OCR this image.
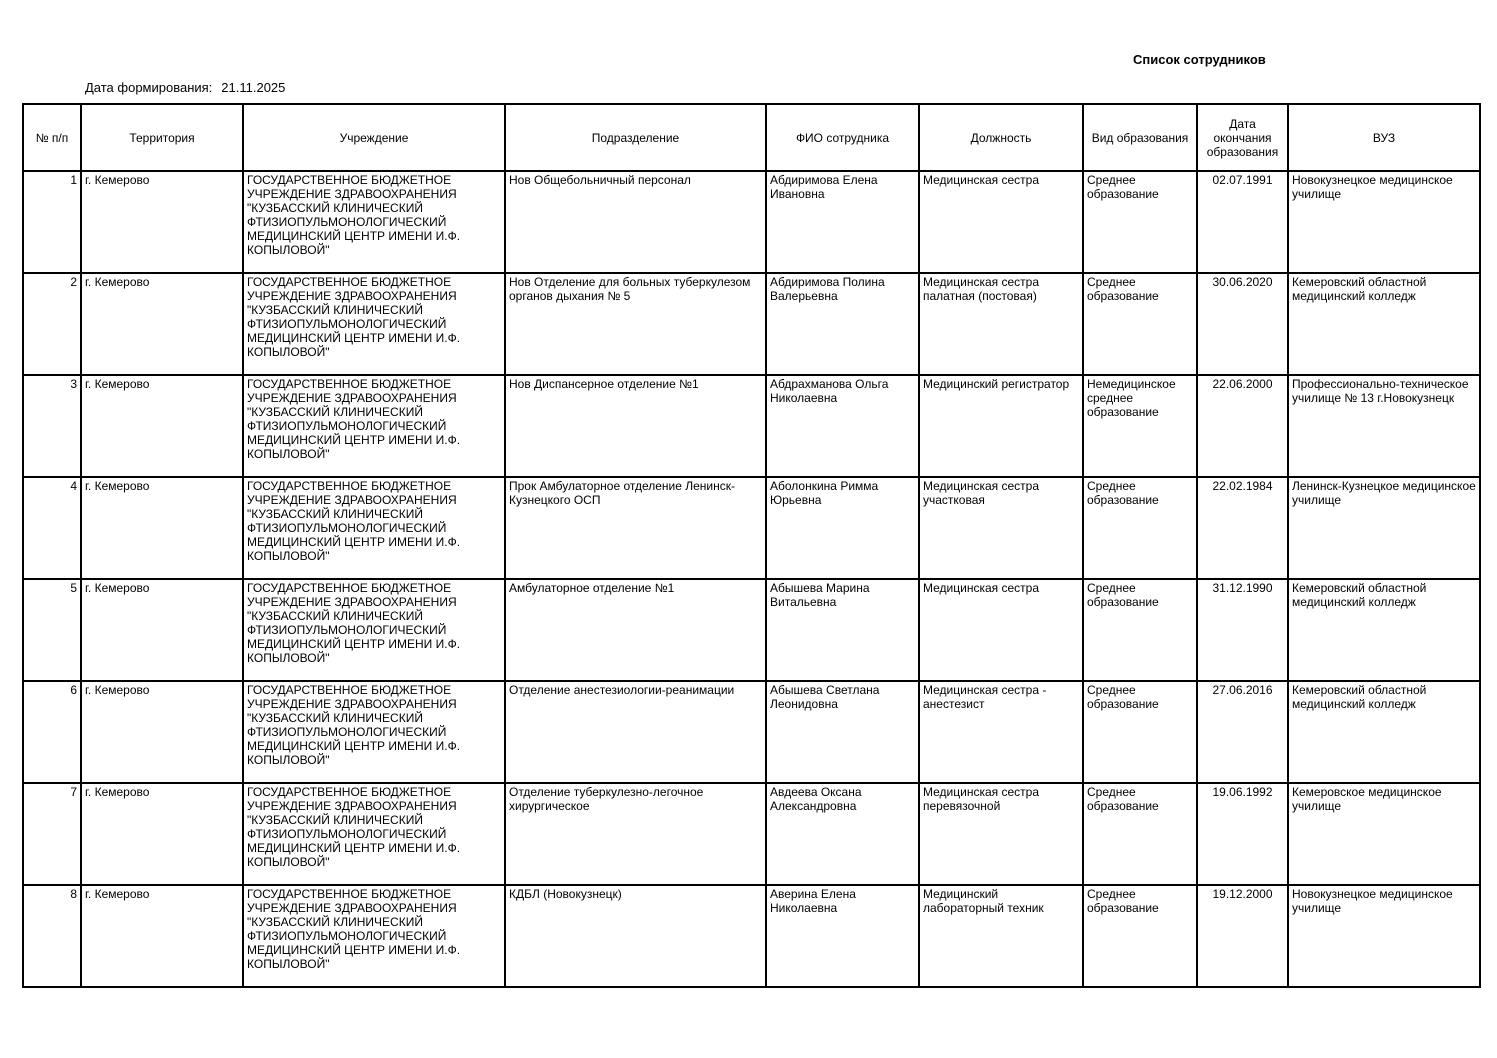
Список сотрудников
Дата формирования: 21.11.2025
№ п/п	Территория	Учреждение	Подразделение	ФИО сотрудника	Должность	Вид образования	Дата окончания образования	ВУЗ
1	г. Кемерово	ГОСУДАРСТВЕННОЕ БЮДЖЕТНОЕ УЧРЕЖДЕНИЕ ЗДРАВООХРАНЕНИЯ "КУЗБАССКИЙ КЛИНИЧЕСКИЙ ФТИЗИОПУЛЬМОНОЛОГИЧЕСКИЙ МЕДИЦИНСКИЙ ЦЕНТР ИМЕНИ И.Ф. КОПЫЛОВОЙ"	Нов Общебольничный персонал	Абдиримова Елена Ивановна	Медицинская сестра	Среднее образование	02.07.1991	Новокузнецкое медицинское училище
2	г. Кемерово	ГОСУДАРСТВЕННОЕ БЮДЖЕТНОЕ УЧРЕЖДЕНИЕ ЗДРАВООХРАНЕНИЯ "КУЗБАССКИЙ КЛИНИЧЕСКИЙ ФТИЗИОПУЛЬМОНОЛОГИЧЕСКИЙ МЕДИЦИНСКИЙ ЦЕНТР ИМЕНИ И.Ф. КОПЫЛОВОЙ"	Нов Отделение для больных туберкулезом органов дыхания № 5	Абдиримова Полина Валерьевна	Медицинская сестра палатная (постовая)	Среднее образование	30.06.2020	Кемеровский областной медицинский колледж
3	г. Кемерово	ГОСУДАРСТВЕННОЕ БЮДЖЕТНОЕ УЧРЕЖДЕНИЕ ЗДРАВООХРАНЕНИЯ "КУЗБАССКИЙ КЛИНИЧЕСКИЙ ФТИЗИОПУЛЬМОНОЛОГИЧЕСКИЙ МЕДИЦИНСКИЙ ЦЕНТР ИМЕНИ И.Ф. КОПЫЛОВОЙ"	Нов Диспансерное отделение №1	Абдрахманова Ольга Николаевна	Медицинский регистратор	Немедицинское среднее образование	22.06.2000	Профессионально-техническое училище № 13 г.Новокузнецк
4	г. Кемерово	ГОСУДАРСТВЕННОЕ БЮДЖЕТНОЕ УЧРЕЖДЕНИЕ ЗДРАВООХРАНЕНИЯ "КУЗБАССКИЙ КЛИНИЧЕСКИЙ ФТИЗИОПУЛЬМОНОЛОГИЧЕСКИЙ МЕДИЦИНСКИЙ ЦЕНТР ИМЕНИ И.Ф. КОПЫЛОВОЙ"	Прок Амбулаторное отделение Ленинск-Кузнецкого ОСП	Аболонкина Римма Юрьевна	Медицинская сестра участковая	Среднее образование	22.02.1984	Ленинск-Кузнецкое медицинское училище
5	г. Кемерово	ГОСУДАРСТВЕННОЕ БЮДЖЕТНОЕ УЧРЕЖДЕНИЕ ЗДРАВООХРАНЕНИЯ "КУЗБАССКИЙ КЛИНИЧЕСКИЙ ФТИЗИОПУЛЬМОНОЛОГИЧЕСКИЙ МЕДИЦИНСКИЙ ЦЕНТР ИМЕНИ И.Ф. КОПЫЛОВОЙ"	Амбулаторное отделение №1	Абышева Марина Витальевна	Медицинская сестра	Среднее образование	31.12.1990	Кемеровский областной медицинский колледж
6	г. Кемерово	ГОСУДАРСТВЕННОЕ БЮДЖЕТНОЕ УЧРЕЖДЕНИЕ ЗДРАВООХРАНЕНИЯ "КУЗБАССКИЙ КЛИНИЧЕСКИЙ ФТИЗИОПУЛЬМОНОЛОГИЧЕСКИЙ МЕДИЦИНСКИЙ ЦЕНТР ИМЕНИ И.Ф. КОПЫЛОВОЙ"	Отделение анестезиологии-реанимации	Абышева Светлана Леонидовна	Медицинская сестра - анестезист	Среднее образование	27.06.2016	Кемеровский областной медицинский колледж
7	г. Кемерово	ГОСУДАРСТВЕННОЕ БЮДЖЕТНОЕ УЧРЕЖДЕНИЕ ЗДРАВООХРАНЕНИЯ "КУЗБАССКИЙ КЛИНИЧЕСКИЙ ФТИЗИОПУЛЬМОНОЛОГИЧЕСКИЙ МЕДИЦИНСКИЙ ЦЕНТР ИМЕНИ И.Ф. КОПЫЛОВОЙ"	Отделение туберкулезно-легочное хирургическое	Авдеева Оксана Александровна	Медицинская сестра перевязочной	Среднее образование	19.06.1992	Кемеровское медицинское училище
8	г. Кемерово	ГОСУДАРСТВЕННОЕ БЮДЖЕТНОЕ УЧРЕЖДЕНИЕ ЗДРАВООХРАНЕНИЯ "КУЗБАССКИЙ КЛИНИЧЕСКИЙ ФТИЗИОПУЛЬМОНОЛОГИЧЕСКИЙ МЕДИЦИНСКИЙ ЦЕНТР ИМЕНИ И.Ф. КОПЫЛОВОЙ"	КДБЛ (Новокузнецк)	Аверина Елена Николаевна	Медицинский лабораторный техник	Среднее образование	19.12.2000	Новокузнецкое медицинское училище
